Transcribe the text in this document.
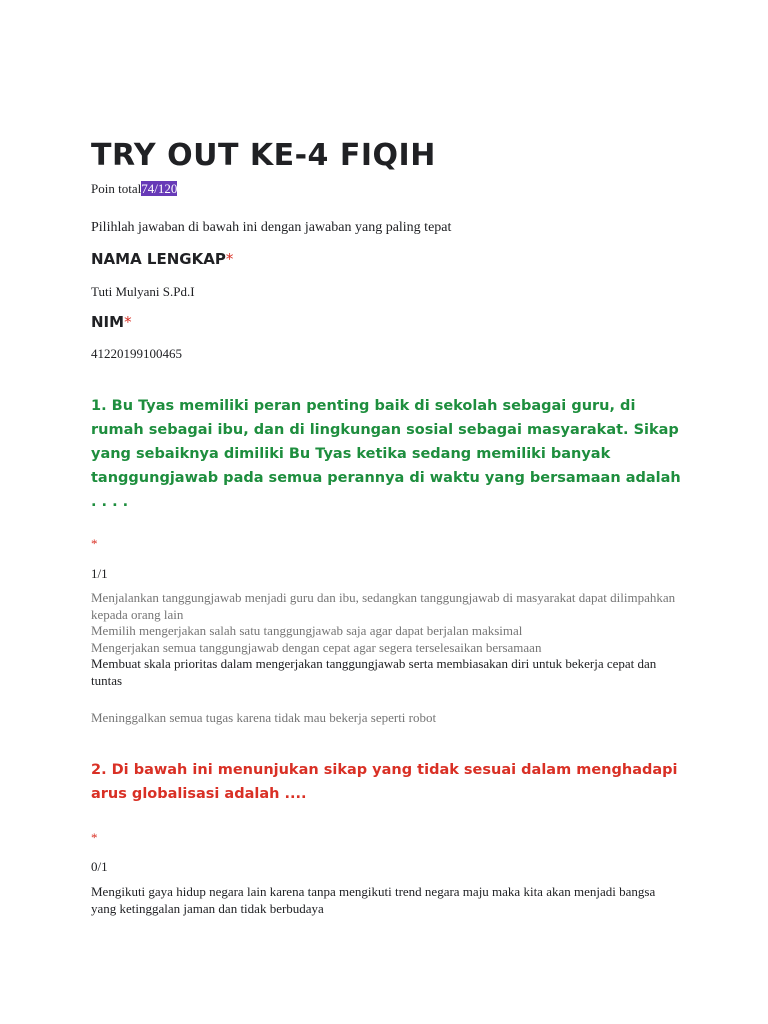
TRY OUT KE-4 FIQIH
Poin total74/120
Pilihlah jawaban di bawah ini dengan jawaban yang paling tepat
NAMA LENGKAP*
Tuti Mulyani S.Pd.I
NIM*
41220199100465
1. Bu Tyas memiliki peran penting baik di sekolah sebagai guru, di rumah sebagai ibu, dan di lingkungan sosial sebagai masyarakat. Sikap yang sebaiknya dimiliki Bu Tyas ketika sedang memiliki banyak tanggungjawab pada semua perannya di waktu yang bersamaan adalah . . . .
*
1/1
Menjalankan tanggungjawab menjadi guru dan ibu, sedangkan tanggungjawab di masyarakat dapat dilimpahkan kepada orang lain
Memilih mengerjakan salah satu tanggungjawab saja agar dapat berjalan maksimal
Mengerjakan semua tanggungjawab dengan cepat agar segera terselesaikan bersamaan
Membuat skala prioritas dalam mengerjakan tanggungjawab serta membiasakan diri untuk bekerja cepat dan tuntas
Meninggalkan semua tugas karena tidak mau bekerja seperti robot
2. Di bawah ini menunjukan sikap yang tidak sesuai dalam menghadapi arus globalisasi adalah ....
*
0/1
Mengikuti gaya hidup negara lain karena tanpa mengikuti trend negara maju maka kita akan menjadi bangsa yang ketinggalan jaman dan tidak berbudaya
